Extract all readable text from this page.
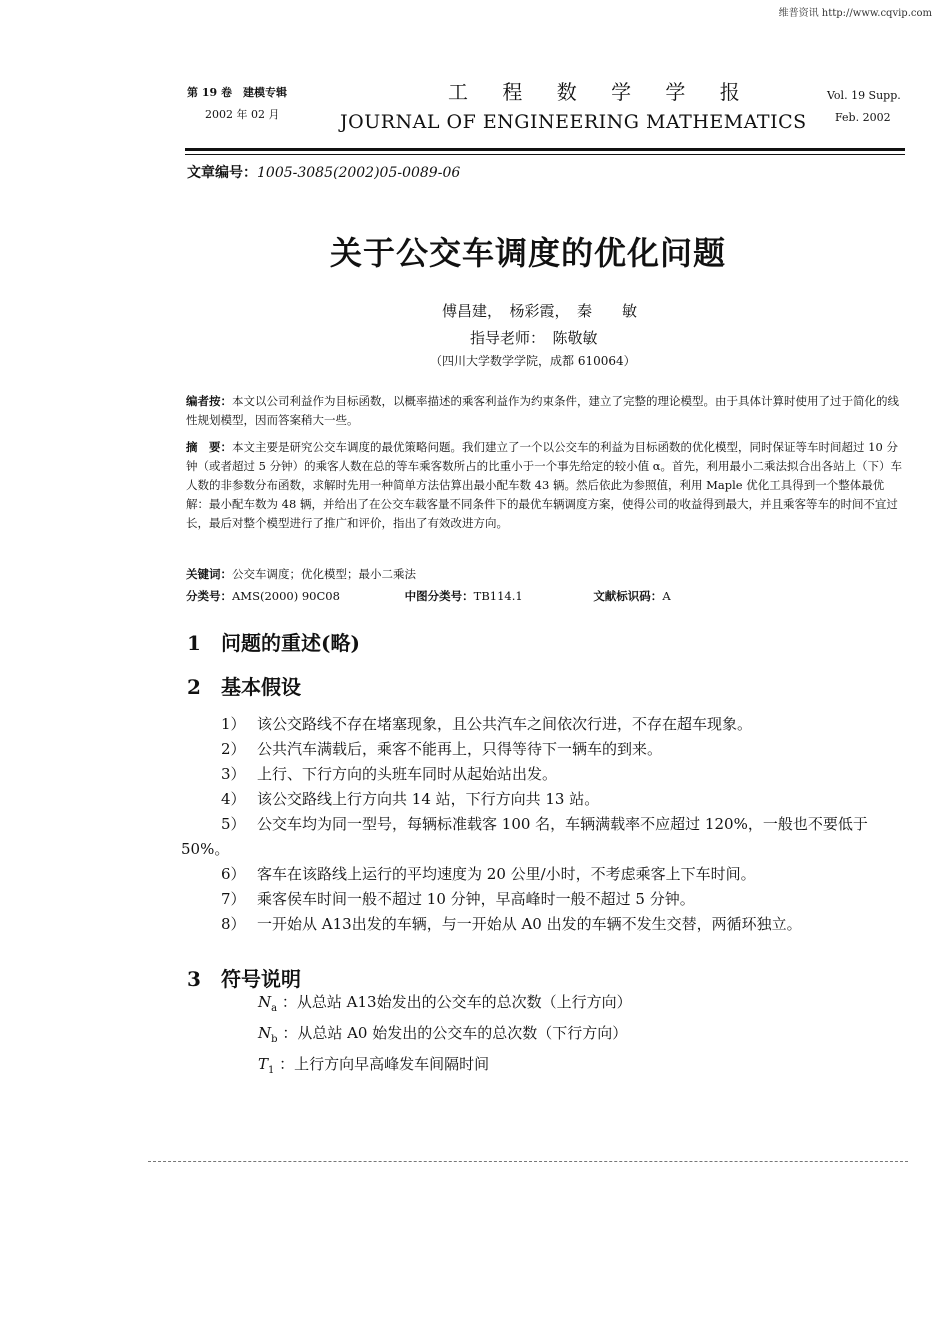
维普资讯 http://www.cqvip.com
第 19 卷　建模专辑
2002 年 02 月
工 程 数 学 学 报
JOURNAL OF ENGINEERING MATHEMATICS
Vol. 19 Supp.
Feb. 2002
文章编号：1005-3085(2002)05-0089-06
关于公交车调度的优化问题
傅昌建，　杨彩霞，　秦　　敏
指导老师：　陈敬敏
（四川大学数学学院，成都 610064）
编者按：本文以公司利益作为目标函数，以概率描述的乘客利益作为约束条件，建立了完整的理论模型。由于具体计算时使用了过于简化的线性规划模型，因而答案稍大一些。
摘　要：本文主要是研究公交车调度的最优策略问题。我们建立了一个以公交车的利益为目标函数的优化模型，同时保证等车时间超过 10 分钟（或者超过 5 分钟）的乘客人数在总的等车乘客数所占的比重小于一个事先给定的较小值 α。首先，利用最小二乘法拟合出各站上（下）车人数的非参数分布函数，求解时先用一种简单方法估算出最小配车数 43 辆。然后依此为参照值，利用 Maple 优化工具得到一个整体最优解：最小配车数为 48 辆，并给出了在公交车载客量不同条件下的最优车辆调度方案，使得公司的收益得到最大，并且乘客等车的时间不宜过长，最后对整个模型进行了推广和评价，指出了有效改进方向。
关键词：公交车调度；优化模型；最小二乘法
分类号：AMS(2000) 90C08	中图分类号：TB114.1	文献标识码：A
1 问题的重述(略)
2 基本假设
1） 该公交路线不存在堵塞现象，且公共汽车之间依次行进，不存在超车现象。
2） 公共汽车满载后，乘客不能再上，只得等待下一辆车的到来。
3） 上行、下行方向的头班车同时从起始站出发。
4） 该公交路线上行方向共 14 站，下行方向共 13 站。
5） 公交车均为同一型号，每辆标准载客 100 名，车辆满载率不应超过 120%，一般也不要低于 50%。
6） 客车在该路线上运行的平均速度为 20 公里/小时，不考虑乘客上下车时间。
7） 乘客侯车时间一般不超过 10 分钟，早高峰时一般不超过 5 分钟。
8） 一开始从 A13出发的车辆，与一开始从 A0 出发的车辆不发生交替，两循环独立。
3 符号说明
$N_a$ ：从总站 A13始发出的公交车的总次数（上行方向）
$N_b$ ：从总站 A0 始发出的公交车的总次数（下行方向）
$T_1$ ：上行方向早高峰发车间隔时间
